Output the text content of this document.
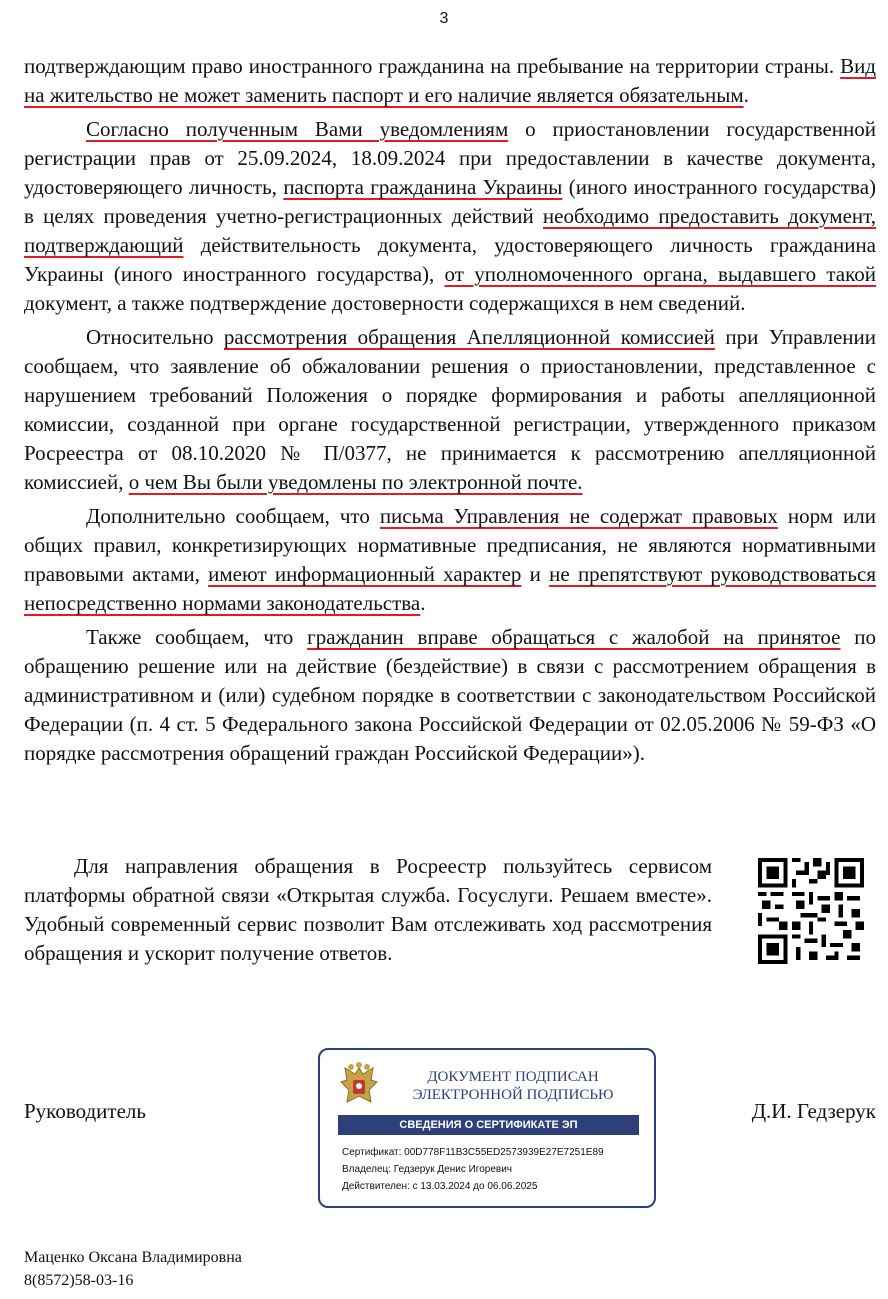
3

подтверждающим право иностранного гражданина на пребывание на территории страны. Вид на жительство не может заменить паспорт и его наличие является обязательным.

Согласно полученным Вами уведомлениям о приостановлении государственной регистрации прав от 25.09.2024, 18.09.2024 при предоставлении в качестве документа, удостоверяющего личность, паспорта гражданина Украины (иного иностранного государства) в целях проведения учетно-регистрационных действий необходимо предоставить документ, подтверждающий действительность документа, удостоверяющего личность гражданина Украины (иного иностранного государства), от уполномоченного органа, выдавшего такой документ, а также подтверждение достоверности содержащихся в нем сведений.

Относительно рассмотрения обращения Апелляционной комиссией при Управлении сообщаем, что заявление об обжаловании решения о приостановлении, представленное с нарушением требований Положения о порядке формирования и работы апелляционной комиссии, созданной при органе государственной регистрации, утвержденного приказом Росреестра от 08.10.2020 № П/0377, не принимается к рассмотрению апелляционной комиссией, о чем Вы были уведомлены по электронной почте.

Дополнительно сообщаем, что письма Управления не содержат правовых норм или общих правил, конкретизирующих нормативные предписания, не являются нормативными правовыми актами, имеют информационный характер и не препятствуют руководствоваться непосредственно нормами законодательства.

Также сообщаем, что гражданин вправе обращаться с жалобой на принятое по обращению решение или на действие (бездействие) в связи с рассмотрением обращения в административном и (или) судебном порядке в соответствии с законодательством Российской Федерации (п. 4 ст. 5 Федерального закона Российской Федерации от 02.05.2006 № 59-ФЗ «О порядке рассмотрения обращений граждан Российской Федерации»).

Для направления обращения в Росреестр пользуйтесь сервисом платформы обратной связи «Открытая служба. Госуслуги. Решаем вместе». Удобный современный сервис позволит Вам отслеживать ход рассмотрения обращения и ускорит получение ответов.

Руководитель	Д.И. Гедзерук
ДОКУМЕНТ ПОДПИСАН
ЭЛЕКТРОННОЙ ПОДПИСЬЮ
СВЕДЕНИЯ О СЕРТИФИКАТЕ ЭП
Сертификат: 00D778F11B3C55ED2573939E27E7251E89
Владелец: Гедзерук Денис Игоревич
Действителен: с 13.03.2024 до 06.06.2025
Маценко Оксана Владимировна
8(8572)58-03-16
